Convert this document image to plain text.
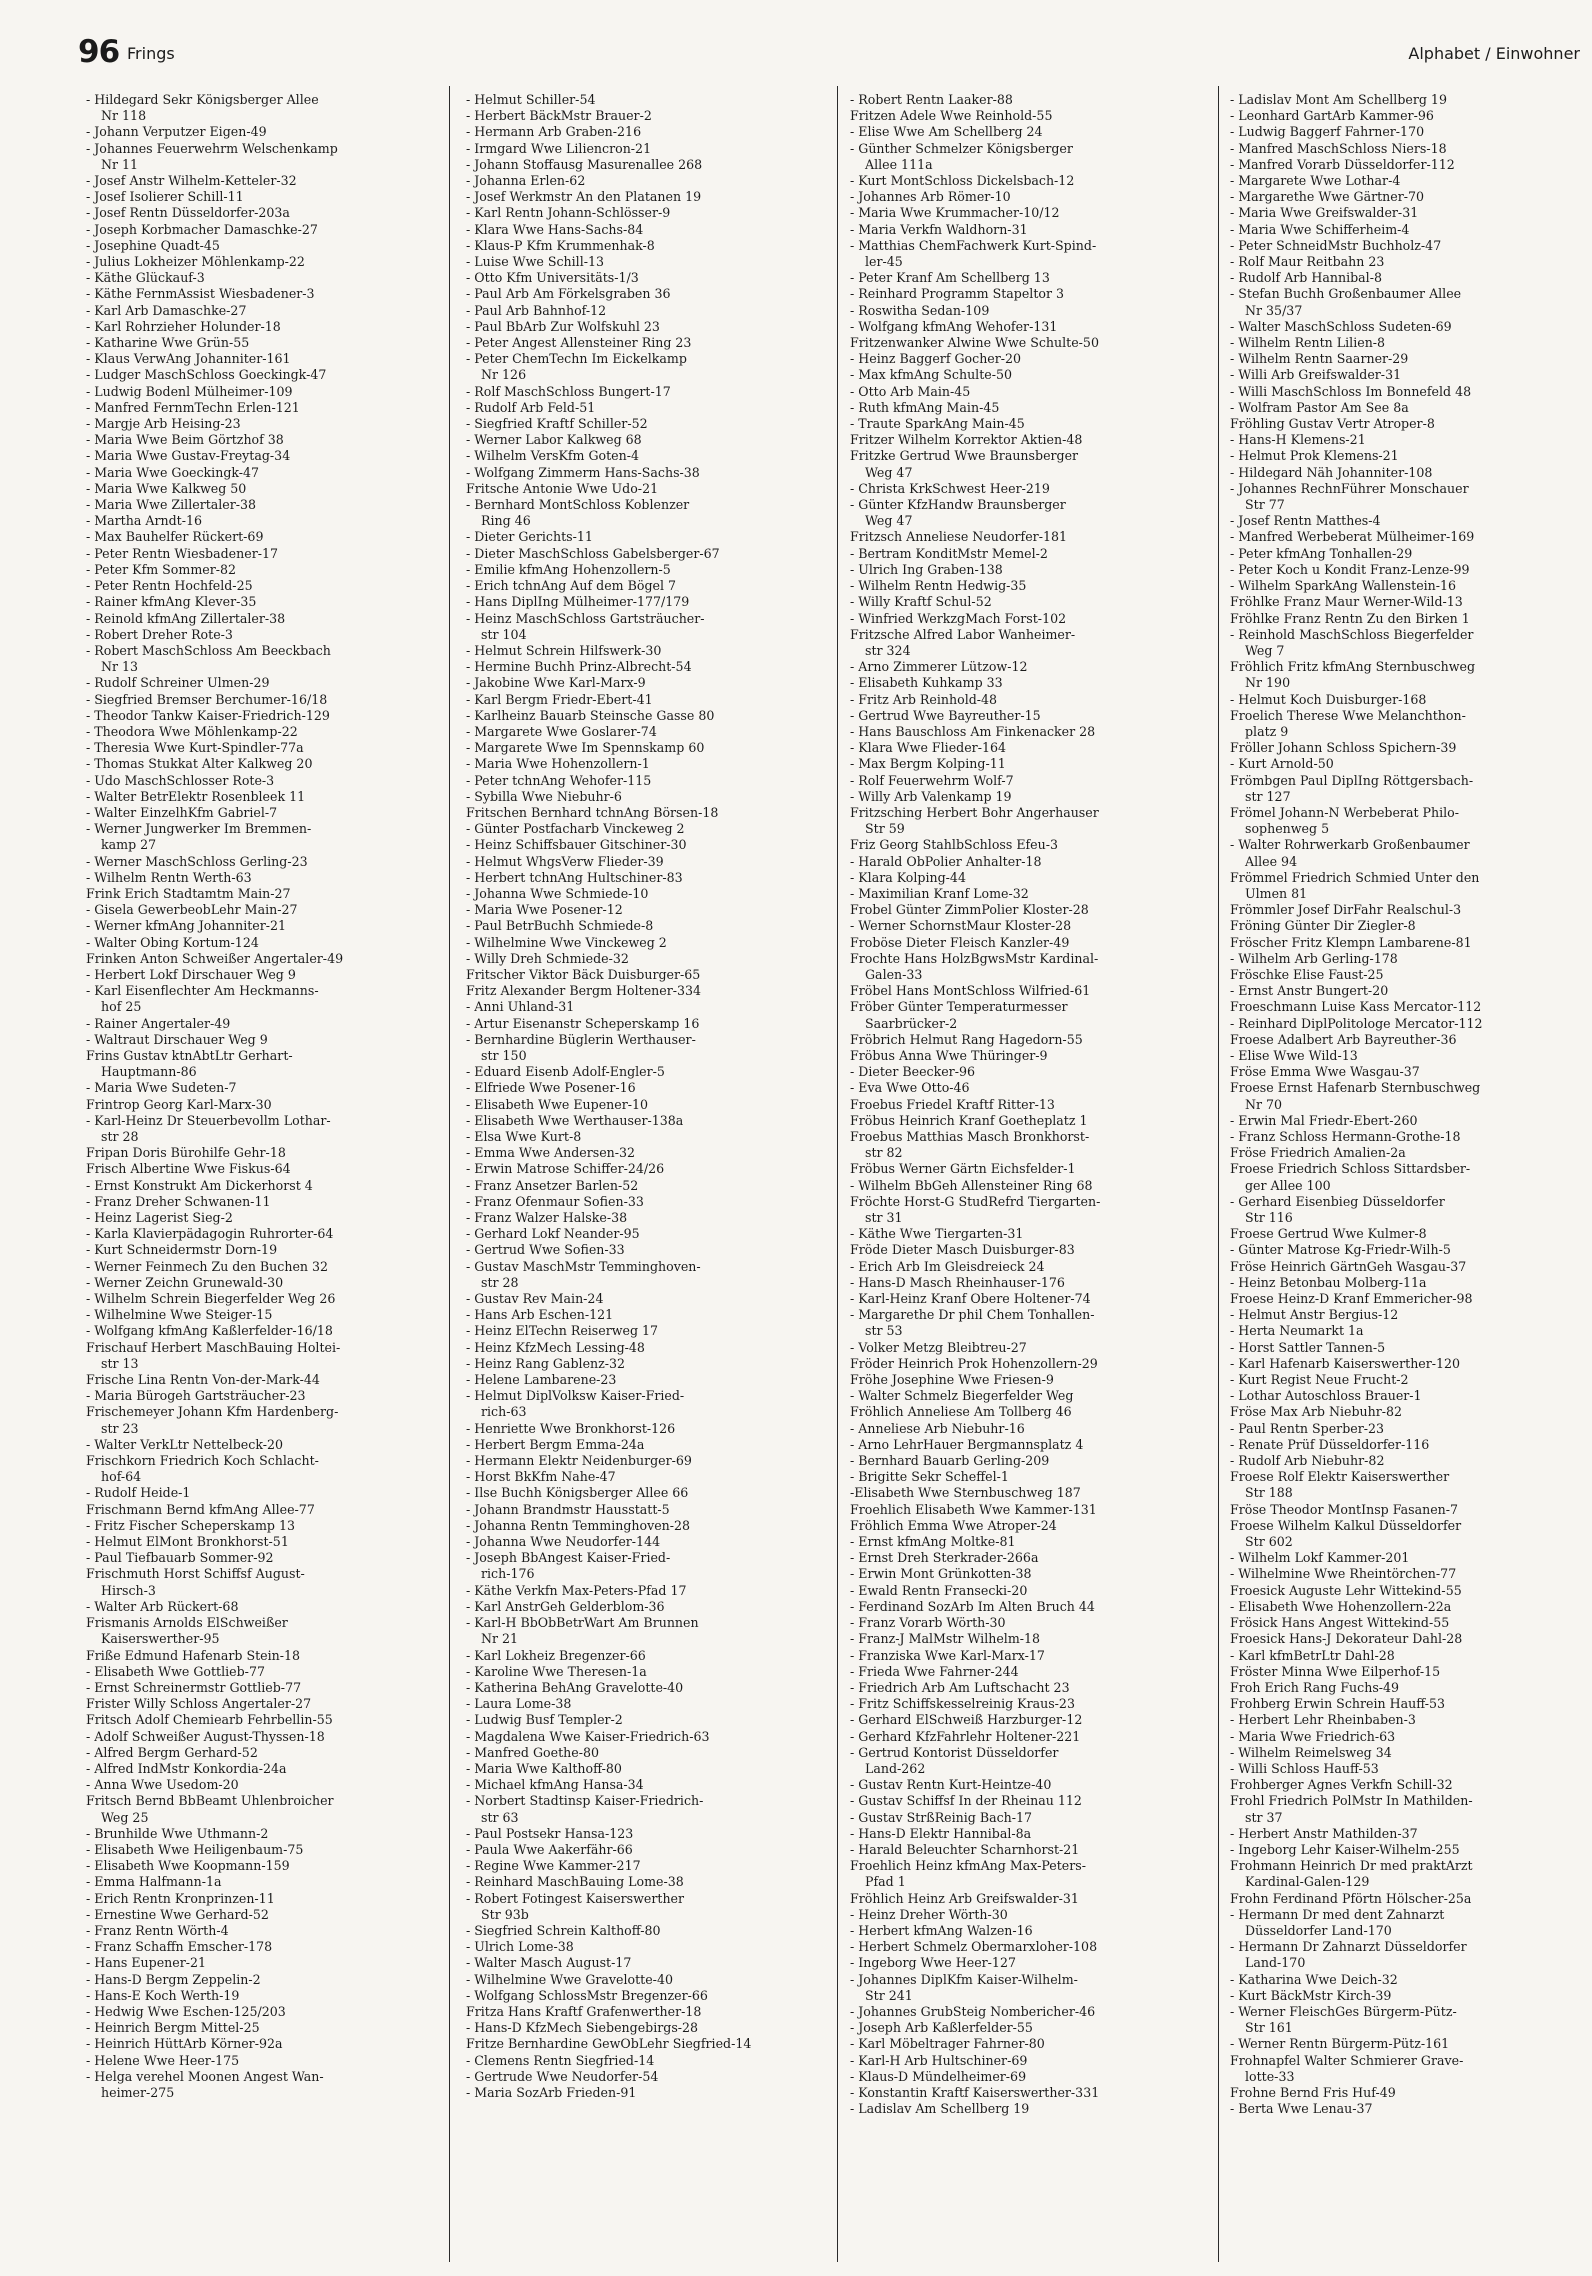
96 Frings	Alphabet / Einwohner
- Hildegard Sekr Königsberger Allee
Nr 118
- Johann Verputzer Eigen-49
- Johannes Feuerwehrm Welschenkamp
Nr 11
- Josef Anstr Wilhelm-Ketteler-32
- Josef Isolierer Schill-11
- Josef Rentn Düsseldorfer-203a
- Joseph Korbmacher Damaschke-27
- Josephine Quadt-45
- Julius Lokheizer Möhlenkamp-22
- Käthe Glückauf-3
- Käthe FernmAssist Wiesbadener-3
- Karl Arb Damaschke-27
- Karl Rohrzieher Holunder-18
- Katharine Wwe Grün-55
- Klaus VerwAng Johanniter-161
- Ludger MaschSchloss Goeckingk-47
- Ludwig Bodenl Mülheimer-109
- Manfred FernmTechn Erlen-121
- Margje Arb Heising-23
- Maria Wwe Beim Görtzhof 38
- Maria Wwe Gustav-Freytag-34
- Maria Wwe Goeckingk-47
- Maria Wwe Kalkweg 50
- Maria Wwe Zillertaler-38
- Martha Arndt-16
- Max Bauhelfer Rückert-69
- Peter Rentn Wiesbadener-17
- Peter Kfm Sommer-82
- Peter Rentn Hochfeld-25
- Rainer kfmAng Klever-35
- Reinold kfmAng Zillertaler-38
- Robert Dreher Rote-3
- Robert MaschSchloss Am Beeckbach
Nr 13
- Rudolf Schreiner Ulmen-29
- Siegfried Bremser Berchumer-16/18
- Theodor Tankw Kaiser-Friedrich-129
- Theodora Wwe Möhlenkamp-22
- Theresia Wwe Kurt-Spindler-77a
- Thomas Stukkat Alter Kalkweg 20
- Udo MaschSchlosser Rote-3
- Walter BetrElektr Rosenbleek 11
- Walter EinzelhKfm Gabriel-7
- Werner Jungwerker Im Bremmen-
kamp 27
- Werner MaschSchloss Gerling-23
- Wilhelm Rentn Werth-63
Frink Erich Stadtamtm Main-27
- Gisela GewerbeobLehr Main-27
- Werner kfmAng Johanniter-21
- Walter Obing Kortum-124
Frinken Anton Schweißer Angertaler-49
- Herbert Lokf Dirschauer Weg 9
- Karl Eisenflechter Am Heckmanns-
hof 25
- Rainer Angertaler-49
- Waltraut Dirschauer Weg 9
Frins Gustav ktnAbtLtr Gerhart-
Hauptmann-86
- Maria Wwe Sudeten-7
Frintrop Georg Karl-Marx-30
- Karl-Heinz Dr Steuerbevollm Lothar-
str 28
Fripan Doris Bürohilfe Gehr-18
Frisch Albertine Wwe Fiskus-64
- Ernst Konstrukt Am Dickerhorst 4
- Franz Dreher Schwanen-11
- Heinz Lagerist Sieg-2
- Karla Klavierpädagogin Ruhrorter-64
- Kurt Schneidermstr Dorn-19
- Werner Feinmech Zu den Buchen 32
- Werner Zeichn Grunewald-30
- Wilhelm Schrein Biegerfelder Weg 26
- Wilhelmine Wwe Steiger-15
- Wolfgang kfmAng Kaßlerfelder-16/18
Frischauf Herbert MaschBauing Holtei-
str 13
Frische Lina Rentn Von-der-Mark-44
- Maria Bürogeh Gartsträucher-23
Frischemeyer Johann Kfm Hardenberg-
str 23
- Walter VerkLtr Nettelbeck-20
Frischkorn Friedrich Koch Schlacht-
hof-64
- Rudolf Heide-1
Frischmann Bernd kfmAng Allee-77
- Fritz Fischer Scheperskamp 13
- Helmut ElMont Bronkhorst-51
- Paul Tiefbauarb Sommer-92
Frischmuth Horst Schiffsf August-
Hirsch-3
- Walter Arb Rückert-68
Frismanis Arnolds ElSchweißer
Kaiserswerther-95
Friße Edmund Hafenarb Stein-18
- Elisabeth Wwe Gottlieb-77
- Ernst Schreinermstr Gottlieb-77
Frister Willy Schloss Angertaler-27
Fritsch Adolf Chemiearb Fehrbellin-55
- Adolf Schweißer August-Thyssen-18
- Alfred Bergm Gerhard-52
- Alfred IndMstr Konkordia-24a
- Anna Wwe Usedom-20
Fritsch Bernd BbBeamt Uhlenbroicher
Weg 25
- Brunhilde Wwe Uthmann-2
- Elisabeth Wwe Heiligenbaum-75
- Elisabeth Wwe Koopmann-159
- Emma Halfmann-1a
- Erich Rentn Kronprinzen-11
- Ernestine Wwe Gerhard-52
- Franz Rentn Wörth-4
- Franz Schaffn Emscher-178
- Hans Eupener-21
- Hans-D Bergm Zeppelin-2
- Hans-E Koch Werth-19
- Hedwig Wwe Eschen-125/203
- Heinrich Bergm Mittel-25
- Heinrich HüttArb Körner-92a
- Helene Wwe Heer-175
- Helga verehel Moonen Angest Wan-
heimer-275
- Helmut Schiller-54
- Herbert BäckMstr Brauer-2
- Hermann Arb Graben-216
- Irmgard Wwe Liliencron-21
- Johann Stoffausg Masurenallee 268
- Johanna Erlen-62
- Josef Werkmstr An den Platanen 19
- Karl Rentn Johann-Schlösser-9
- Klara Wwe Hans-Sachs-84
- Klaus-P Kfm Krummenhak-8
- Luise Wwe Schill-13
- Otto Kfm Universitäts-1/3
- Paul Arb Am Förkelsgraben 36
- Paul Arb Bahnhof-12
- Paul BbArb Zur Wolfskuhl 23
- Peter Angest Allensteiner Ring 23
- Peter ChemTechn Im Eickelkamp
Nr 126
- Rolf MaschSchloss Bungert-17
- Rudolf Arb Feld-51
- Siegfried Kraftf Schiller-52
- Werner Labor Kalkweg 68
- Wilhelm VersKfm Goten-4
- Wolfgang Zimmerm Hans-Sachs-38
Fritsche Antonie Wwe Udo-21
- Bernhard MontSchloss Koblenzer
Ring 46
- Dieter Gerichts-11
- Dieter MaschSchloss Gabelsberger-67
- Emilie kfmAng Hohenzollern-5
- Erich tchnAng Auf dem Bögel 7
- Hans DiplIng Mülheimer-177/179
- Heinz MaschSchloss Gartsträucher-
str 104
- Helmut Schrein Hilfswerk-30
- Hermine Buchh Prinz-Albrecht-54
- Jakobine Wwe Karl-Marx-9
- Karl Bergm Friedr-Ebert-41
- Karlheinz Bauarb Steinsche Gasse 80
- Margarete Wwe Goslarer-74
- Margarete Wwe Im Spennskamp 60
- Maria Wwe Hohenzollern-1
- Peter tchnAng Wehofer-115
- Sybilla Wwe Niebuhr-6
Fritschen Bernhard tchnAng Börsen-18
- Günter Postfacharb Vinckeweg 2
- Heinz Schiffsbauer Gitschiner-30
- Helmut WhgsVerw Flieder-39
- Herbert tchnAng Hultschiner-83
- Johanna Wwe Schmiede-10
- Maria Wwe Posener-12
- Paul BetrBuchh Schmiede-8
- Wilhelmine Wwe Vinckeweg 2
- Willy Dreh Schmiede-32
Fritscher Viktor Bäck Duisburger-65
Fritz Alexander Bergm Holtener-334
- Anni Uhland-31
- Artur Eisenanstr Scheperskamp 16
- Bernhardine Büglerin Werthauser-
str 150
- Eduard Eisenb Adolf-Engler-5
- Elfriede Wwe Posener-16
- Elisabeth Wwe Eupener-10
- Elisabeth Wwe Werthauser-138a
- Elsa Wwe Kurt-8
- Emma Wwe Andersen-32
- Erwin Matrose Schiffer-24/26
- Franz Ansetzer Barlen-52
- Franz Ofenmaur Sofien-33
- Franz Walzer Halske-38
- Gerhard Lokf Neander-95
- Gertrud Wwe Sofien-33
- Gustav MaschMstr Temminghoven-
str 28
- Gustav Rev Main-24
- Hans Arb Eschen-121
- Heinz ElTechn Reiserweg 17
- Heinz KfzMech Lessing-48
- Heinz Rang Gablenz-32
- Helene Lambarene-23
- Helmut DiplVolksw Kaiser-Fried-
rich-63
- Henriette Wwe Bronkhorst-126
- Herbert Bergm Emma-24a
- Hermann Elektr Neidenburger-69
- Horst BkKfm Nahe-47
- Ilse Buchh Königsberger Allee 66
- Johann Brandmstr Hausstatt-5
- Johanna Rentn Temminghoven-28
- Johanna Wwe Neudorfer-144
- Joseph BbAngest Kaiser-Fried-
rich-176
- Käthe Verkfn Max-Peters-Pfad 17
- Karl AnstrGeh Gelderblom-36
- Karl-H BbObBetrWart Am Brunnen
Nr 21
- Karl Lokheiz Bregenzer-66
- Karoline Wwe Theresen-1a
- Katherina BehAng Gravelotte-40
- Laura Lome-38
- Ludwig Busf Templer-2
- Magdalena Wwe Kaiser-Friedrich-63
- Manfred Goethe-80
- Maria Wwe Kalthoff-80
- Michael kfmAng Hansa-34
- Norbert Stadtinsp Kaiser-Friedrich-
str 63
- Paul Postsekr Hansa-123
- Paula Wwe Aakerfähr-66
- Regine Wwe Kammer-217
- Reinhard MaschBauing Lome-38
- Robert Fotingest Kaiserswerther
Str 93b
- Siegfried Schrein Kalthoff-80
- Ulrich Lome-38
- Walter Masch August-17
- Wilhelmine Wwe Gravelotte-40
- Wolfgang SchlossMstr Bregenzer-66
Fritza Hans Kraftf Grafenwerther-18
- Hans-D KfzMech Siebengebirgs-28
Fritze Bernhardine GewObLehr Siegfried-14
- Clemens Rentn Siegfried-14
- Gertrude Wwe Neudorfer-54
- Maria SozArb Frieden-91
- Robert Rentn Laaker-88
Fritzen Adele Wwe Reinhold-55
- Elise Wwe Am Schellberg 24
- Günther Schmelzer Königsberger
Allee 111a
- Kurt MontSchloss Dickelsbach-12
- Johannes Arb Römer-10
- Maria Wwe Krummacher-10/12
- Maria Verkfn Waldhorn-31
- Matthias ChemFachwerk Kurt-Spind-
ler-45
- Peter Kranf Am Schellberg 13
- Reinhard Programm Stapeltor 3
- Roswitha Sedan-109
- Wolfgang kfmAng Wehofer-131
Fritzenwanker Alwine Wwe Schulte-50
- Heinz Baggerf Gocher-20
- Max kfmAng Schulte-50
- Otto Arb Main-45
- Ruth kfmAng Main-45
- Traute SparkAng Main-45
Fritzer Wilhelm Korrektor Aktien-48
Fritzke Gertrud Wwe Braunsberger
Weg 47
- Christa KrkSchwest Heer-219
- Günter KfzHandw Braunsberger
Weg 47
Fritzsch Anneliese Neudorfer-181
- Bertram KonditMstr Memel-2
- Ulrich Ing Graben-138
- Wilhelm Rentn Hedwig-35
- Willy Kraftf Schul-52
- Winfried WerkzgMach Forst-102
Fritzsche Alfred Labor Wanheimer-
str 324
- Arno Zimmerer Lützow-12
- Elisabeth Kuhkamp 33
- Fritz Arb Reinhold-48
- Gertrud Wwe Bayreuther-15
- Hans Bauschloss Am Finkenacker 28
- Klara Wwe Flieder-164
- Max Bergm Kolping-11
- Rolf Feuerwehrm Wolf-7
- Willy Arb Valenkamp 19
Fritzsching Herbert Bohr Angerhauser
Str 59
Friz Georg StahlbSchloss Efeu-3
- Harald ObPolier Anhalter-18
- Klara Kolping-44
- Maximilian Kranf Lome-32
Frobel Günter ZimmPolier Kloster-28
- Werner SchornstMaur Kloster-28
Froböse Dieter Fleisch Kanzler-49
Frochte Hans HolzBgwsMstr Kardinal-
Galen-33
Fröbel Hans MontSchloss Wilfried-61
Fröber Günter Temperaturmesser
Saarbrücker-2
Fröbrich Helmut Rang Hagedorn-55
Fröbus Anna Wwe Thüringer-9
- Dieter Beecker-96
- Eva Wwe Otto-46
Froebus Friedel Kraftf Ritter-13
Fröbus Heinrich Kranf Goetheplatz 1
Froebus Matthias Masch Bronkhorst-
str 82
Fröbus Werner Gärtn Eichsfelder-1
- Wilhelm BbGeh Allensteiner Ring 68
Fröchte Horst-G StudRefrd Tiergarten-
str 31
- Käthe Wwe Tiergarten-31
Fröde Dieter Masch Duisburger-83
- Erich Arb Im Gleisdreieck 24
- Hans-D Masch Rheinhauser-176
- Karl-Heinz Kranf Obere Holtener-74
- Margarethe Dr phil Chem Tonhallen-
str 53
- Volker Metzg Bleibtreu-27
Fröder Heinrich Prok Hohenzollern-29
Fröhe Josephine Wwe Friesen-9
- Walter Schmelz Biegerfelder Weg
Fröhlich Anneliese Am Tollberg 46
- Anneliese Arb Niebuhr-16
- Arno LehrHauer Bergmannsplatz 4
- Bernhard Bauarb Gerling-209
- Brigitte Sekr Scheffel-1
-Elisabeth Wwe Sternbuschweg 187
Froehlich Elisabeth Wwe Kammer-131
Fröhlich Emma Wwe Atroper-24
- Ernst kfmAng Moltke-81
- Ernst Dreh Sterkrader-266a
- Erwin Mont Grünkotten-38
- Ewald Rentn Fransecki-20
- Ferdinand SozArb Im Alten Bruch 44
- Franz Vorarb Wörth-30
- Franz-J MalMstr Wilhelm-18
- Franziska Wwe Karl-Marx-17
- Frieda Wwe Fahrner-244
- Friedrich Arb Am Luftschacht 23
- Fritz Schiffskesselreinig Kraus-23
- Gerhard ElSchweiß Harzburger-12
- Gerhard KfzFahrlehr Holtener-221
- Gertrud Kontorist Düsseldorfer
Land-262
- Gustav Rentn Kurt-Heintze-40
- Gustav Schiffsf In der Rheinau 112
- Gustav StrßReinig Bach-17
- Hans-D Elektr Hannibal-8a
- Harald Beleuchter Scharnhorst-21
Froehlich Heinz kfmAng Max-Peters-
Pfad 1
Fröhlich Heinz Arb Greifswalder-31
- Heinz Dreher Wörth-30
- Herbert kfmAng Walzen-16
- Herbert Schmelz Obermarxloher-108
- Ingeborg Wwe Heer-127
- Johannes DiplKfm Kaiser-Wilhelm-
Str 241
- Johannes GrubSteig Nombericher-46
- Joseph Arb Kaßlerfelder-55
- Karl Möbeltrager Fahrner-80
- Karl-H Arb Hultschiner-69
- Klaus-D Mündelheimer-69
- Konstantin Kraftf Kaiserswerther-331
- Ladislav Am Schellberg 19
- Ladislav Mont Am Schellberg 19
- Leonhard GartArb Kammer-96
- Ludwig Baggerf Fahrner-170
- Manfred MaschSchloss Niers-18
- Manfred Vorarb Düsseldorfer-112
- Margarete Wwe Lothar-4
- Margarethe Wwe Gärtner-70
- Maria Wwe Greifswalder-31
- Maria Wwe Schifferheim-4
- Peter SchneidMstr Buchholz-47
- Rolf Maur Reitbahn 23
- Rudolf Arb Hannibal-8
- Stefan Buchh Großenbaumer Allee
Nr 35/37
- Walter MaschSchloss Sudeten-69
- Wilhelm Rentn Lilien-8
- Wilhelm Rentn Saarner-29
- Willi Arb Greifswalder-31
- Willi MaschSchloss Im Bonnefeld 48
- Wolfram Pastor Am See 8a
Fröhling Gustav Vertr Atroper-8
- Hans-H Klemens-21
- Helmut Prok Klemens-21
- Hildegard Näh Johanniter-108
- Johannes RechnFührer Monschauer
Str 77
- Josef Rentn Matthes-4
- Manfred Werbeberat Mülheimer-169
- Peter kfmAng Tonhallen-29
- Peter Koch u Kondit Franz-Lenze-99
- Wilhelm SparkAng Wallenstein-16
Fröhlke Franz Maur Werner-Wild-13
Fröhlke Franz Rentn Zu den Birken 1
- Reinhold MaschSchloss Biegerfelder
Weg 7
Fröhlich Fritz kfmAng Sternbuschweg
Nr 190
- Helmut Koch Duisburger-168
Froelich Therese Wwe Melanchthon-
platz 9
Fröller Johann Schloss Spichern-39
- Kurt Arnold-50
Frömbgen Paul DiplIng Röttgersbach-
str 127
Frömel Johann-N Werbeberat Philo-
sophenweg 5
- Walter Rohrwerkarb Großenbaumer
Allee 94
Frömmel Friedrich Schmied Unter den
Ulmen 81
Frömmler Josef DirFahr Realschul-3
Fröning Günter Dir Ziegler-8
Fröscher Fritz Klempn Lambarene-81
- Wilhelm Arb Gerling-178
Fröschke Elise Faust-25
- Ernst Anstr Bungert-20
Froeschmann Luise Kass Mercator-112
- Reinhard DiplPolitologe Mercator-112
Froese Adalbert Arb Bayreuther-36
- Elise Wwe Wild-13
Fröse Emma Wwe Wasgau-37
Froese Ernst Hafenarb Sternbuschweg
Nr 70
- Erwin Mal Friedr-Ebert-260
- Franz Schloss Hermann-Grothe-18
Fröse Friedrich Amalien-2a
Froese Friedrich Schloss Sittardsber-
ger Allee 100
- Gerhard Eisenbieg Düsseldorfer
Str 116
Froese Gertrud Wwe Kulmer-8
- Günter Matrose Kg-Friedr-Wilh-5
Fröse Heinrich GärtnGeh Wasgau-37
- Heinz Betonbau Molberg-11a
Froese Heinz-D Kranf Emmericher-98
- Helmut Anstr Bergius-12
- Herta Neumarkt 1a
- Horst Sattler Tannen-5
- Karl Hafenarb Kaiserswerther-120
- Kurt Regist Neue Frucht-2
- Lothar Autoschloss Brauer-1
Fröse Max Arb Niebuhr-82
- Paul Rentn Sperber-23
- Renate Prüf Düsseldorfer-116
- Rudolf Arb Niebuhr-82
Froese Rolf Elektr Kaiserswerther
Str 188
Fröse Theodor MontInsp Fasanen-7
Froese Wilhelm Kalkul Düsseldorfer
Str 602
- Wilhelm Lokf Kammer-201
- Wilhelmine Wwe Rheintörchen-77
Froesick Auguste Lehr Wittekind-55
- Elisabeth Wwe Hohenzollern-22a
Frösick Hans Angest Wittekind-55
Froesick Hans-J Dekorateur Dahl-28
- Karl kfmBetrLtr Dahl-28
Fröster Minna Wwe Eilperhof-15
Froh Erich Rang Fuchs-49
Frohberg Erwin Schrein Hauff-53
- Herbert Lehr Rheinbaben-3
- Maria Wwe Friedrich-63
- Wilhelm Reimelsweg 34
- Willi Schloss Hauff-53
Frohberger Agnes Verkfn Schill-32
Frohl Friedrich PolMstr In Mathilden-
str 37
- Herbert Anstr Mathilden-37
- Ingeborg Lehr Kaiser-Wilhelm-255
Frohmann Heinrich Dr med praktArzt
Kardinal-Galen-129
Frohn Ferdinand Pförtn Hölscher-25a
- Hermann Dr med dent Zahnarzt
Düsseldorfer Land-170
- Hermann Dr Zahnarzt Düsseldorfer
Land-170
- Katharina Wwe Deich-32
- Kurt BäckMstr Kirch-39
- Werner FleischGes Bürgerm-Pütz-
Str 161
- Werner Rentn Bürgerm-Pütz-161
Frohnapfel Walter Schmierer Grave-
lotte-33
Frohne Bernd Fris Huf-49
- Berta Wwe Lenau-37
